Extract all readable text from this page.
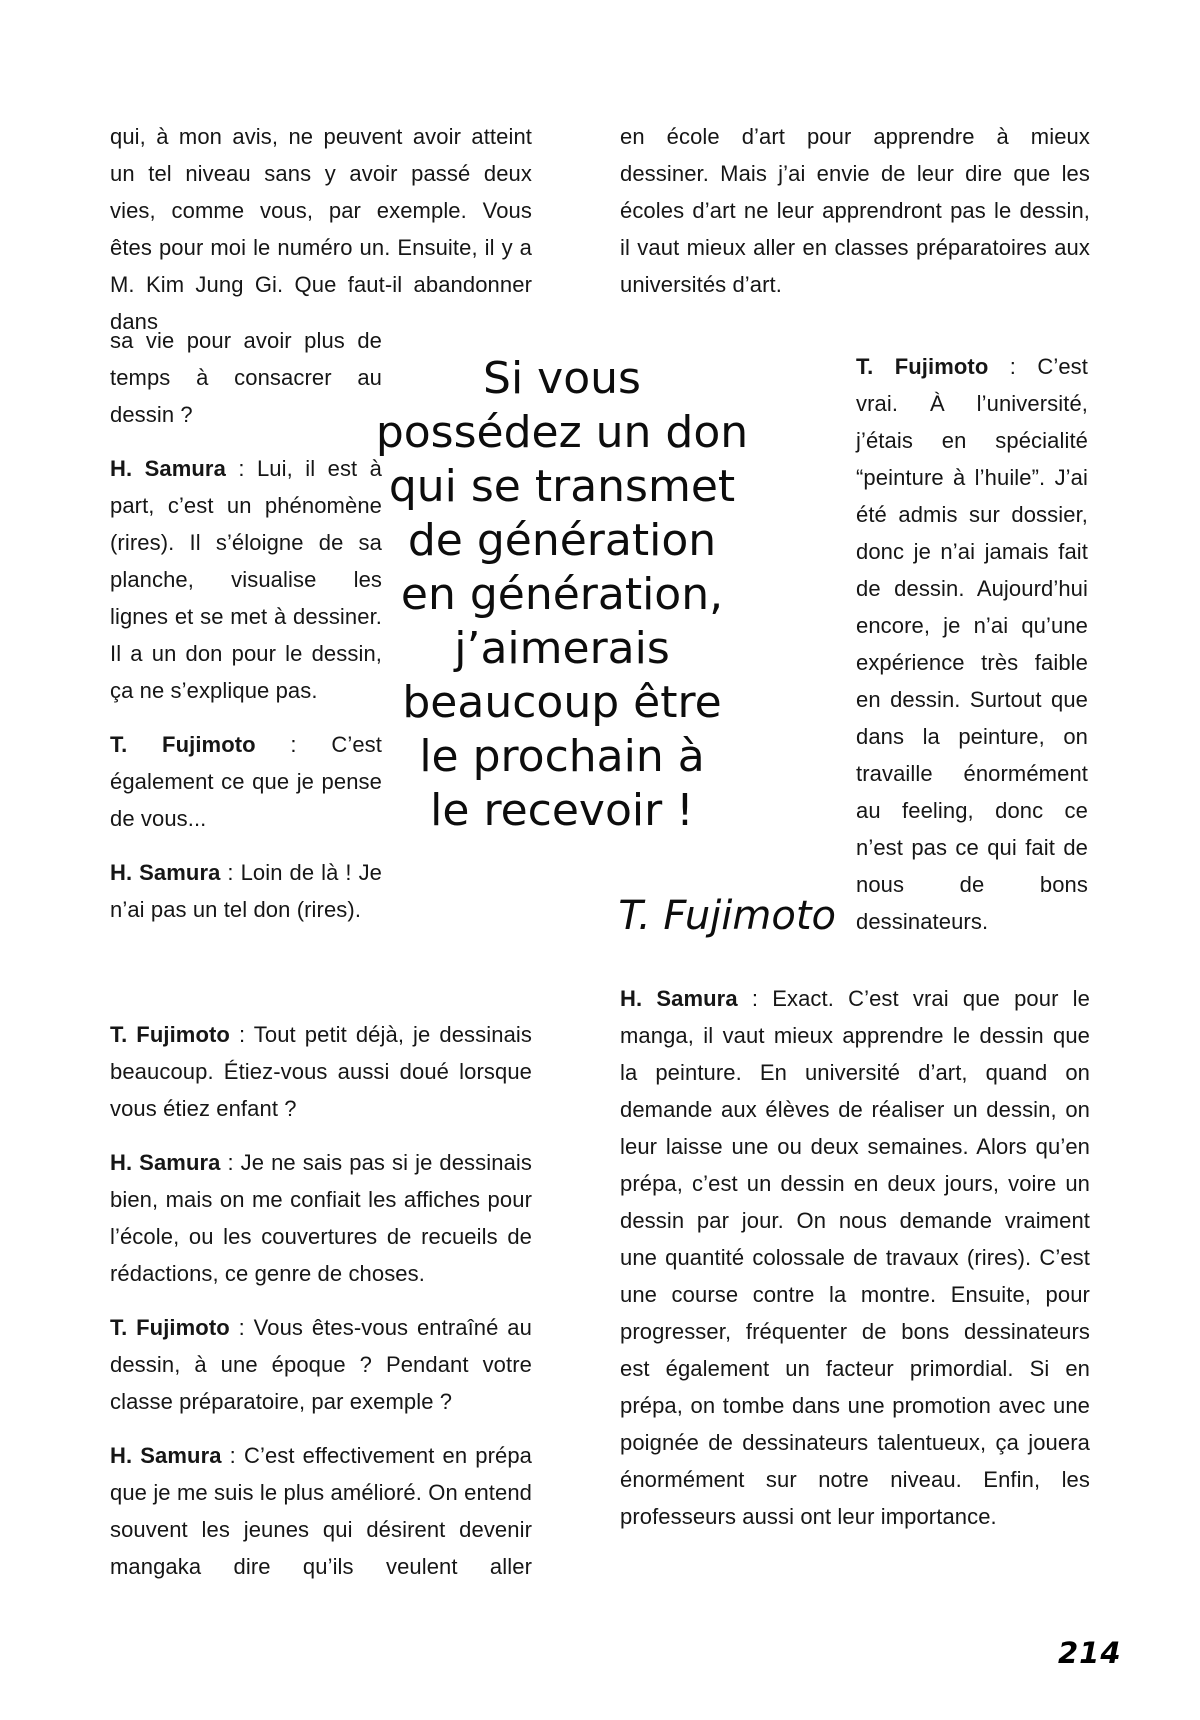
qui, à mon avis, ne peuvent avoir atteint un tel niveau sans y avoir passé deux vies, comme vous, par exemple. Vous êtes pour moi le numéro un. Ensuite, il y a M. Kim Jung Gi. Que faut-il abandonner dans

sa vie pour avoir plus de temps à consacrer au dessin ?

H. Samura : Lui, il est à part, c’est un phénomène (rires). Il s’éloigne de sa planche, visualise les lignes et se met à dessiner. Il a un don pour le dessin, ça ne s’explique pas.

T. Fujimoto : C’est également ce que je pense de vous...

H. Samura : Loin de là ! Je n’ai pas un tel don (rires).

T. Fujimoto : Tout petit déjà, je dessinais beaucoup. Étiez-vous aussi doué lorsque vous étiez enfant ?

H. Samura : Je ne sais pas si je dessinais bien, mais on me confiait les affiches pour l’école, ou les couvertures de recueils de rédactions, ce genre de choses.

T. Fujimoto : Vous êtes-vous entraîné au dessin, à une époque ? Pendant votre classe préparatoire, par exemple ?

H. Samura : C’est effectivement en prépa que je me suis le plus amélioré. On entend souvent les jeunes qui désirent devenir mangaka dire qu’ils veulent aller

en école d’art pour apprendre à mieux dessiner. Mais j’ai envie de leur dire que les écoles d’art ne leur apprendront pas le dessin, il vaut mieux aller en classes préparatoires aux universités d’art.

T. Fujimoto : C’est vrai. À l’université, j’étais en spécialité “peinture à l’huile”. J’ai été admis sur dossier, donc je n’ai jamais fait de dessin. Aujourd’hui encore, je n’ai qu’une expérience très faible en dessin. Surtout que dans la peinture, on travaille énormément au feeling, donc ce n’est pas ce qui fait de nous de bons dessinateurs.

H. Samura : Exact. C’est vrai que pour le manga, il vaut mieux apprendre le dessin que la peinture. En université d’art, quand on demande aux élèves de réaliser un dessin, on leur laisse une ou deux semaines. Alors qu’en prépa, c’est un dessin en deux jours, voire un dessin par jour. On nous demande vraiment une quantité colossale de travaux (rires). C’est une course contre la montre. Ensuite, pour progresser, fréquenter de bons dessinateurs est également un facteur primordial. Si en prépa, on tombe dans une promotion avec une poignée de dessinateurs talentueux, ça jouera énormément sur notre niveau. Enfin, les professeurs aussi ont leur importance.

Si vous
possédez un don
qui se transmet
de génération
en génération,
j’aimerais
beaucoup être
le prochain à
le recevoir !
T. Fujimoto
214
